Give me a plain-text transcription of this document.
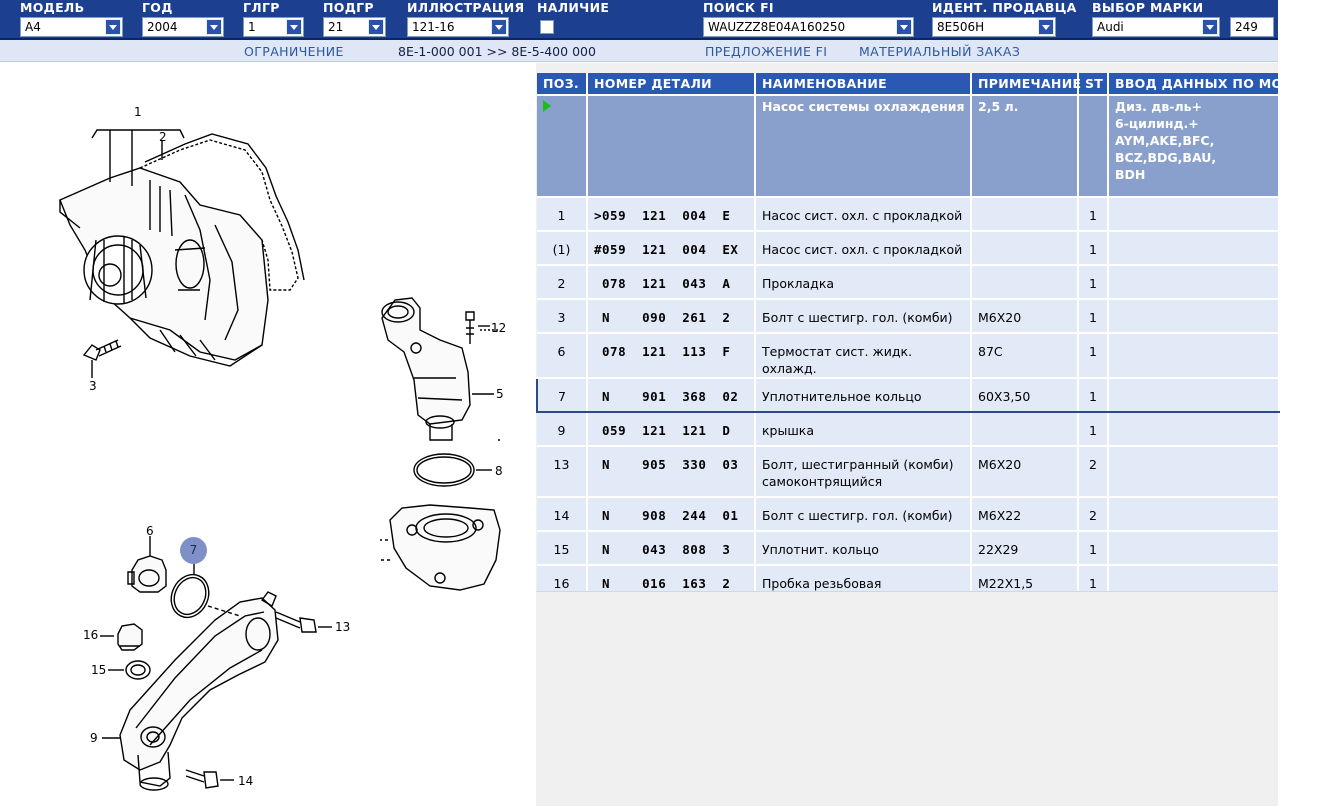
МОДЕЛЬ
A4
ГОД
2004
ГЛГР
1
ПОДГР
21
ИЛЛЮСТРАЦИЯ
121-16
НАЛИЧИЕ	ПОИСК FI
WAUZZZ8E04A160250
ИДЕНТ. ПРОДАВЦА
8E506H
ВЫБОР МАРКИ
Audi	249
ОГРАНИЧЕНИЕ	8E-1-000 001 >> 8E-5-400 000	ПРЕДЛОЖЕНИЕ FI	МАТЕРИАЛЬНЫЙ ЗАКАЗ
1
2
3
5
6
7
8
9
12
13
14
15
16
ПОЗ.	НОМЕР ДЕТАЛИ	НАИМЕНОВАНИЕ	ПРИМЕЧАНИЕ	ST	ВВОД ДАННЫХ ПО МОДЕЛЯМ
		Насос системы охлаждения	2,5 л.		Диз. дв-ль+
6-цилинд.+
AYM,AKE,BFC,
BCZ,BDG,BAU,
BDH

1	>059  121  004  E	Насос сист. охл. с прокладкой		1	
(1)	#059  121  004  EX	Насос сист. охл. с прокладкой		1	
2	078  121  043  A	Прокладка		1	
3	N    090  261  2	Болт с шестигр. гол. (комби)	M6X20	1	
6	078  121  113  F	Термостат сист. жидк. охлажд.	87C	1	
7	N    901  368  02	Уплотнительное кольцо	60X3,50	1	
9	059  121  121  D	крышка		1	
13	N    905  330  03	Болт, шестигранный (комби) самоконтрящийся	M6X20	2	
14	N    908  244  01	Болт с шестигр. гол. (комби)	M6X22	2	
15	N    043  808  3	Уплотнит. кольцо	22X29	1	
16	N    016  163  2	Пробка резьбовая	M22X1,5	1	
